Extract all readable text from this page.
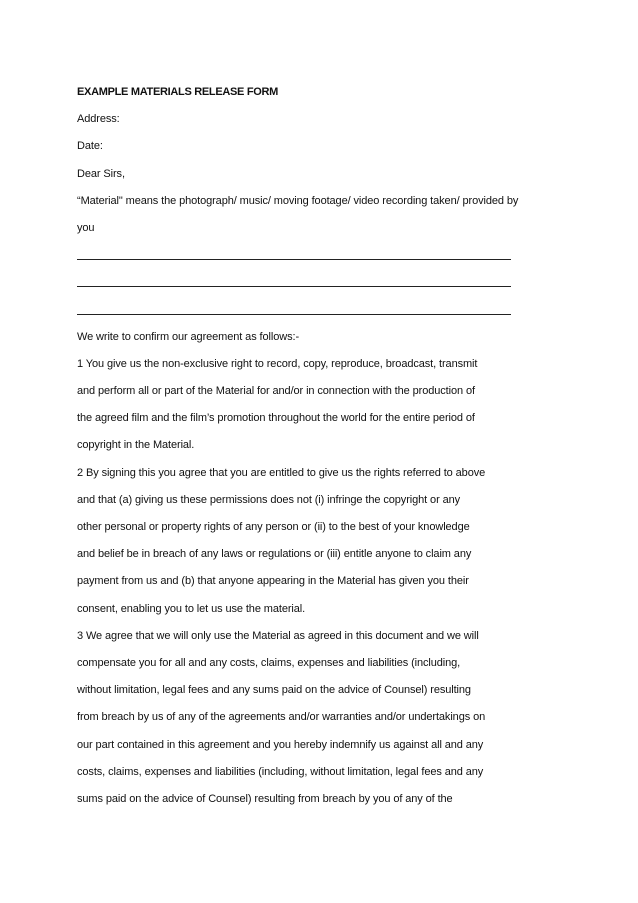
EXAMPLE MATERIALS RELEASE FORM
Address:
Date:
Dear Sirs,
“Material" means the photograph/ music/ moving footage/ video recording taken/ provided by
you
We write to confirm our agreement as follows:-
1 You give us the non-exclusive right to record, copy, reproduce, broadcast, transmit
and perform all or part of the Material for and/or in connection with the production of
the agreed film and the film’s promotion throughout the world for the entire period of
copyright in the Material.
2 By signing this you agree that you are entitled to give us the rights referred to above
and that (a) giving us these permissions does not (i) infringe the copyright or any
other personal or property rights of any person or (ii) to the best of your knowledge
and belief be in breach of any laws or regulations or (iii) entitle anyone to claim any
payment from us and (b) that anyone appearing in the Material has given you their
consent, enabling you to let us use the material.
3 We agree that we will only use the Material as agreed in this document and we will
compensate you for all and any costs, claims, expenses and liabilities (including,
without limitation, legal fees and any sums paid on the advice of Counsel) resulting
from breach by us of any of the agreements and/or warranties and/or undertakings on
our part contained in this agreement and you hereby indemnify us against all and any
costs, claims, expenses and liabilities (including, without limitation, legal fees and any
sums paid on the advice of Counsel) resulting from breach by you of any of the
